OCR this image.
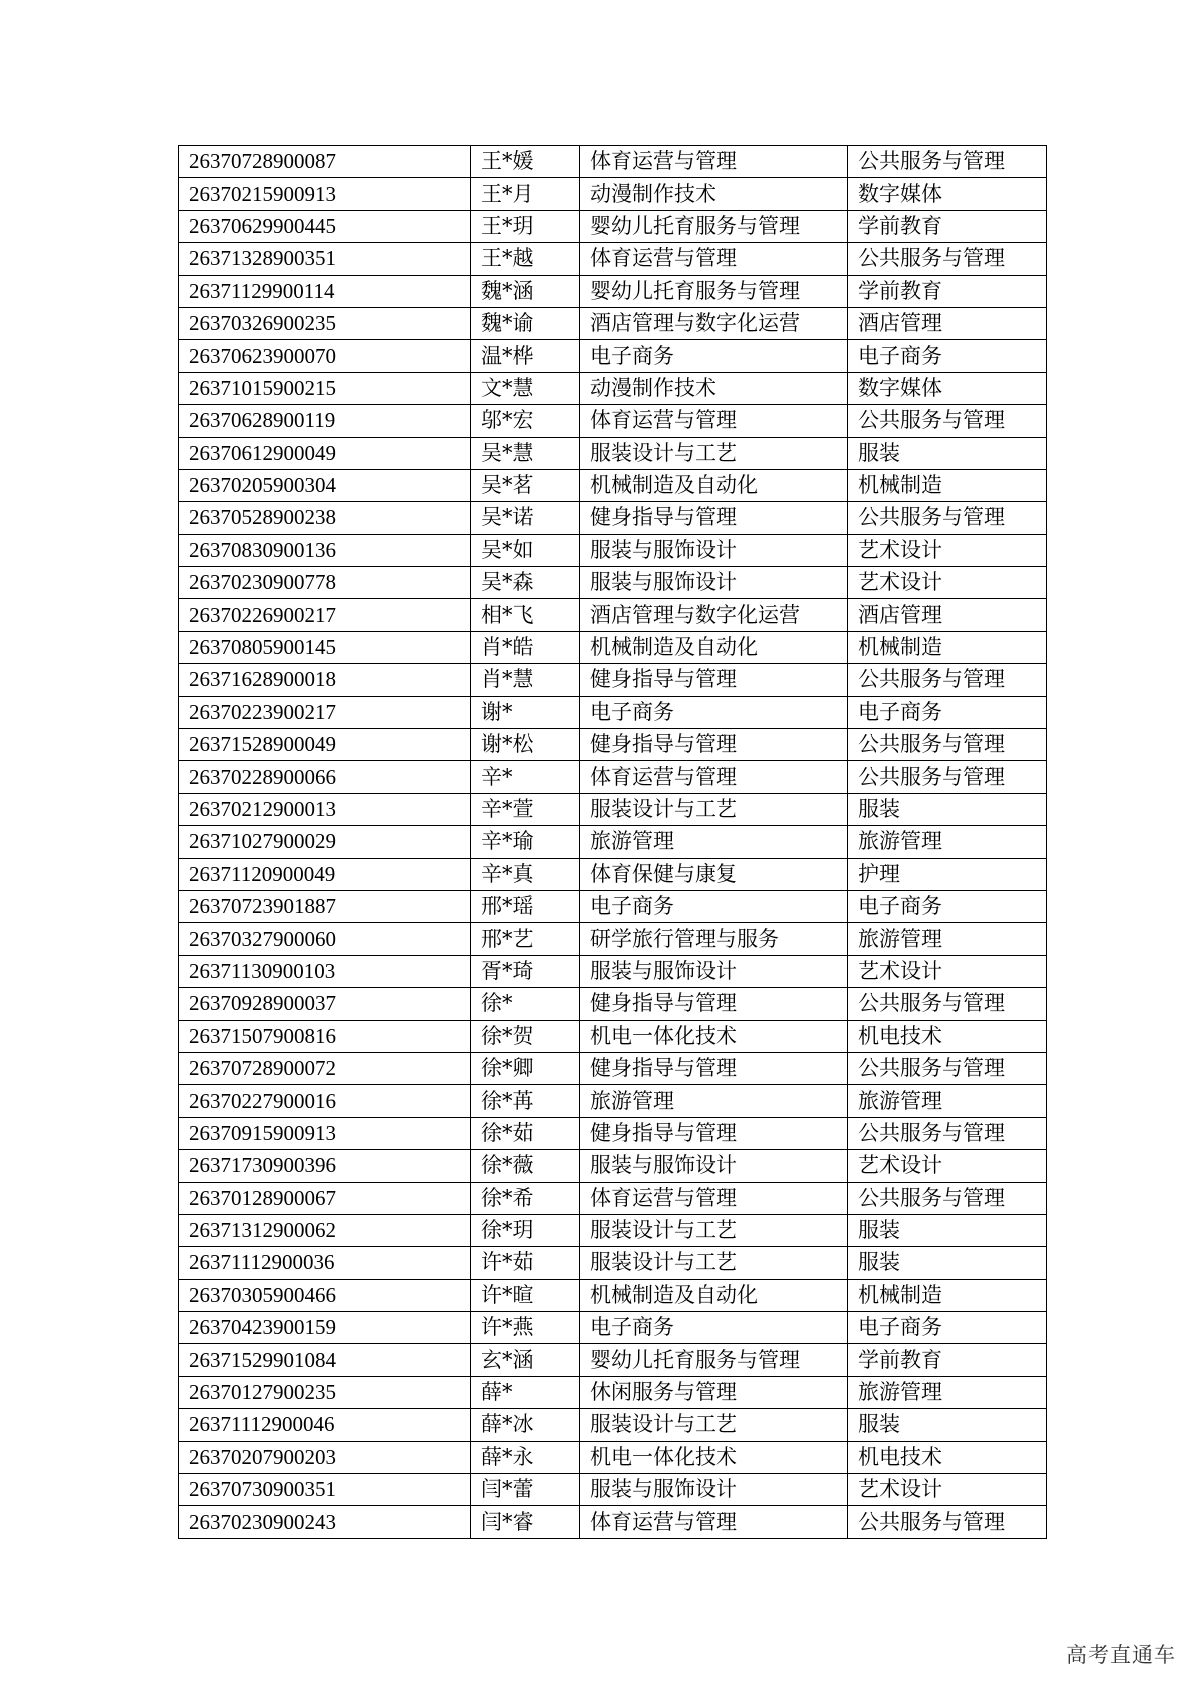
26370728900087	王*媛	体育运营与管理	公共服务与管理
26370215900913	王*月	动漫制作技术	数字媒体
26370629900445	王*玥	婴幼儿托育服务与管理	学前教育
26371328900351	王*越	体育运营与管理	公共服务与管理
26371129900114	魏*涵	婴幼儿托育服务与管理	学前教育
26370326900235	魏*谕	酒店管理与数字化运营	酒店管理
26370623900070	温*桦	电子商务	电子商务
26371015900215	文*慧	动漫制作技术	数字媒体
26370628900119	邬*宏	体育运营与管理	公共服务与管理
26370612900049	吴*慧	服装设计与工艺	服装
26370205900304	吴*茗	机械制造及自动化	机械制造
26370528900238	吴*诺	健身指导与管理	公共服务与管理
26370830900136	吴*如	服装与服饰设计	艺术设计
26370230900778	吴*森	服装与服饰设计	艺术设计
26370226900217	相*飞	酒店管理与数字化运营	酒店管理
26370805900145	肖*皓	机械制造及自动化	机械制造
26371628900018	肖*慧	健身指导与管理	公共服务与管理
26370223900217	谢*	电子商务	电子商务
26371528900049	谢*松	健身指导与管理	公共服务与管理
26370228900066	辛*	体育运营与管理	公共服务与管理
26370212900013	辛*萱	服装设计与工艺	服装
26371027900029	辛*瑜	旅游管理	旅游管理
26371120900049	辛*真	体育保健与康复	护理
26370723901887	邢*瑶	电子商务	电子商务
26370327900060	邢*艺	研学旅行管理与服务	旅游管理
26371130900103	胥*琦	服装与服饰设计	艺术设计
26370928900037	徐*	健身指导与管理	公共服务与管理
26371507900816	徐*贺	机电一体化技术	机电技术
26370728900072	徐*卿	健身指导与管理	公共服务与管理
26370227900016	徐*苒	旅游管理	旅游管理
26370915900913	徐*茹	健身指导与管理	公共服务与管理
26371730900396	徐*薇	服装与服饰设计	艺术设计
26370128900067	徐*希	体育运营与管理	公共服务与管理
26371312900062	徐*玥	服装设计与工艺	服装
26371112900036	许*茹	服装设计与工艺	服装
26370305900466	许*暄	机械制造及自动化	机械制造
26370423900159	许*燕	电子商务	电子商务
26371529901084	玄*涵	婴幼儿托育服务与管理	学前教育
26370127900235	薛*	休闲服务与管理	旅游管理
26371112900046	薛*冰	服装设计与工艺	服装
26370207900203	薛*永	机电一体化技术	机电技术
26370730900351	闫*蕾	服装与服饰设计	艺术设计
26370230900243	闫*睿	体育运营与管理	公共服务与管理
高考直通车
